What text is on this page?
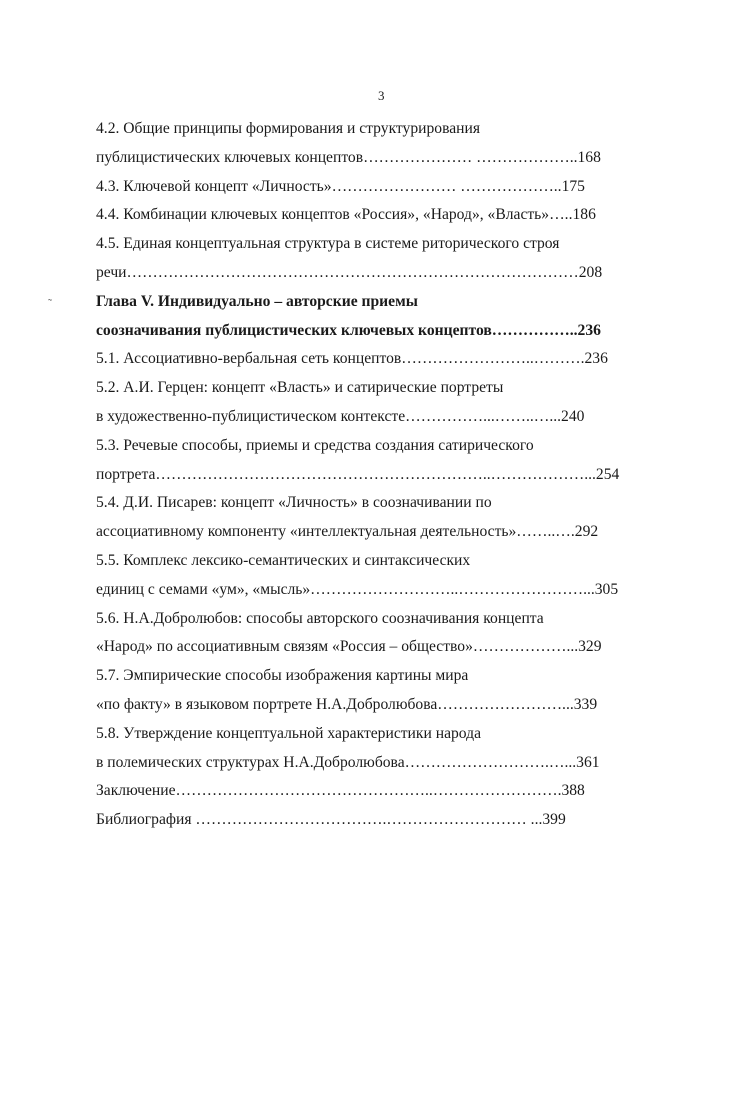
3
˜
4.2. Общие принципы формирования и структурирования
публицистических ключевых концептов………………… ………………..168
4.3. Ключевой концепт «Личность»…………………… ………………..175
4.4. Комбинации ключевых концептов «Россия», «Народ», «Власть»…..186
4.5. Единая концептуальная структура в системе риторического строя
речи……………………………………………………………………………208
Глава V. Индивидуально – авторские приемы
соозначивания публицистических ключевых концептов……………..236
5.1. Ассоциативно-вербальная сеть концептов……………………..……….236
5.2. А.И. Герцен: концепт «Власть» и сатирические портреты
в художественно-публицистическом контексте……………...……..…...240
5.3. Речевые способы, приемы и средства создания сатирического
портрета………………………………………………………..………………...254
5.4. Д.И. Писарев: концепт «Личность» в соозначивании по
ассоциативному компоненту «интеллектуальная деятельность»……..….292
5.5. Комплекс лексико-семантических и синтаксических
единиц с семами «ум», «мысль»………………………..……………………...305
5.6. Н.А.Добролюбов: способы авторского соозначивания концепта
«Народ» по ассоциативным связям «Россия – общество»………………...329
5.7. Эмпирические способы изображения картины мира
«по факту» в языковом портрете Н.А.Добролюбова……………………...339
5.8. Утверждение концептуальной характеристики народа
в полемических структурах Н.А.Добролюбова……………………….…...361
Заключение…………………………………………..…………………….388
Библиография ……………………………….……………………… ...399
